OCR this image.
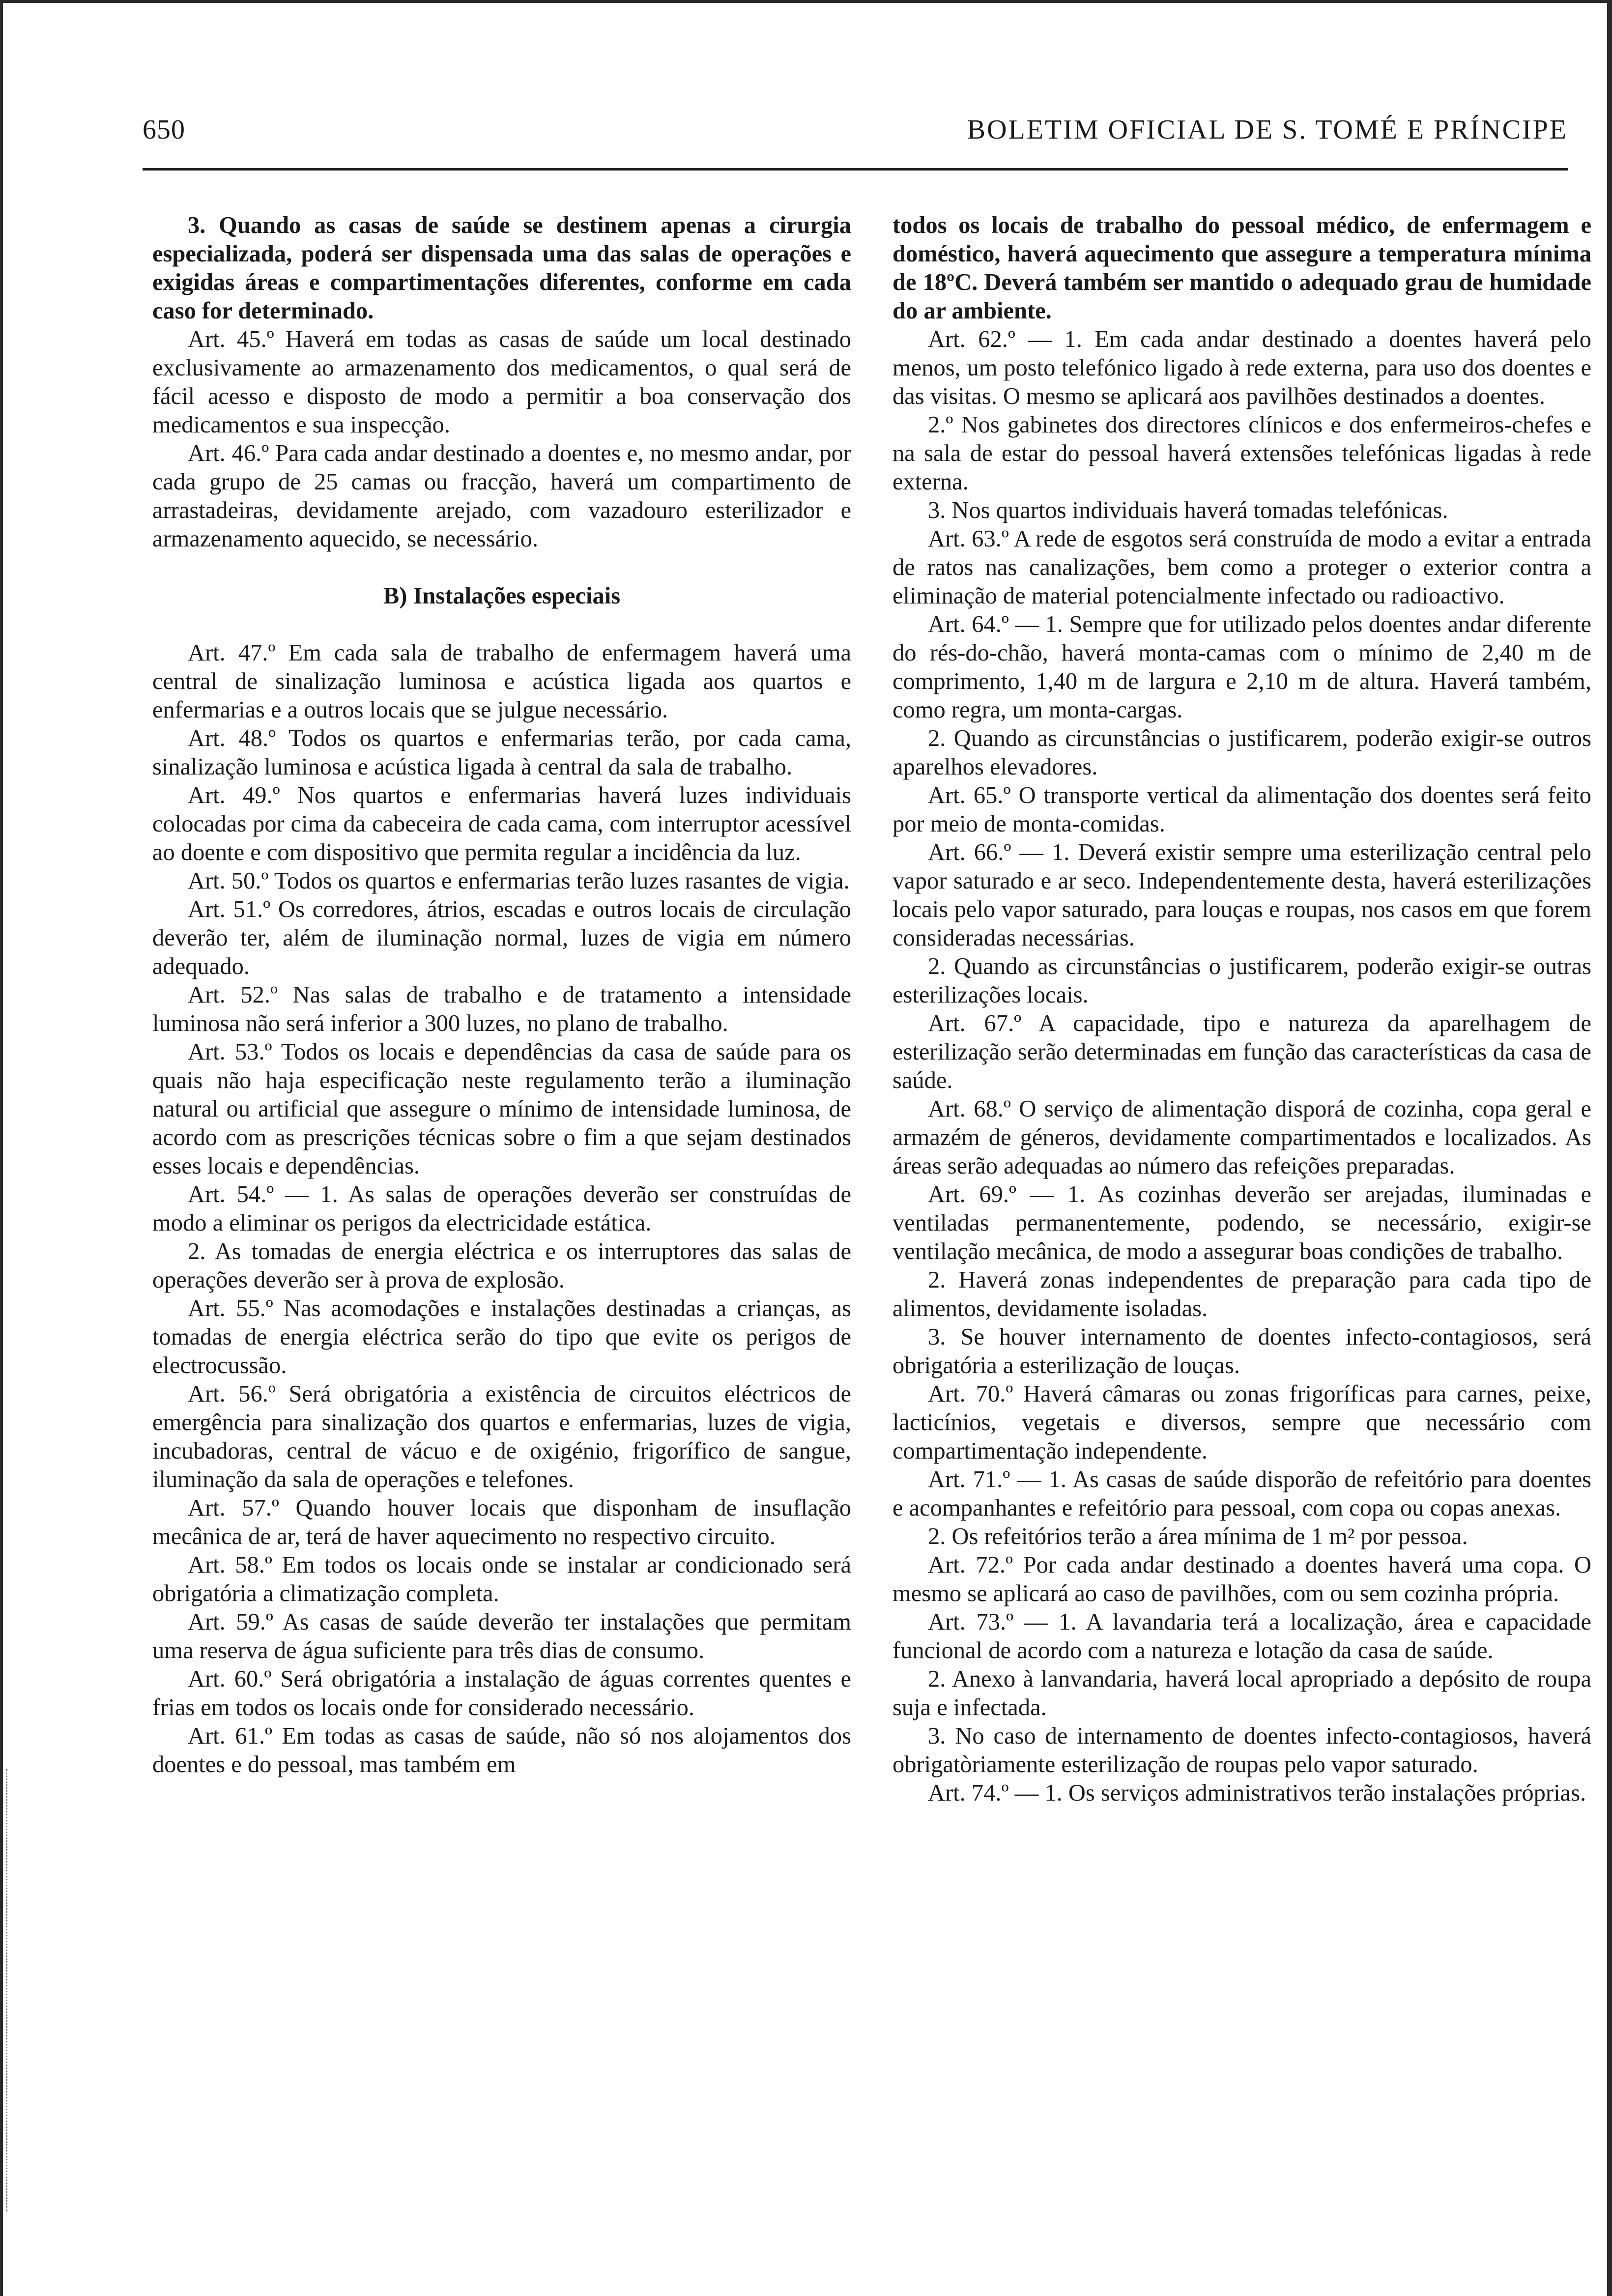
650	BOLETIM OFICIAL DE S. TOMÉ E PRÍNCIPE

3. Quando as casas de saúde se destinem apenas a cirurgia especializada, poderá ser dispensada uma das salas de operações e exigidas áreas e compartimentações diferentes, conforme em cada caso for determinado.

Art. 45.º Haverá em todas as casas de saúde um local destinado exclusivamente ao armazenamento dos medicamentos, o qual será de fácil acesso e disposto de modo a permitir a boa conservação dos medicamentos e sua inspecção.

Art. 46.º Para cada andar destinado a doentes e, no mesmo andar, por cada grupo de 25 camas ou fracção, haverá um compartimento de arrastadeiras, devidamente arejado, com vazadouro esterilizador e armazenamento aquecido, se necessário.

B) Instalações especiais

Art. 47.º Em cada sala de trabalho de enfermagem haverá uma central de sinalização luminosa e acústica ligada aos quartos e enfermarias e a outros locais que se julgue necessário.

Art. 48.º Todos os quartos e enfermarias terão, por cada cama, sinalização luminosa e acústica ligada à central da sala de trabalho.

Art. 49.º Nos quartos e enfermarias haverá luzes individuais colocadas por cima da cabeceira de cada cama, com interruptor acessível ao doente e com dispositivo que permita regular a incidência da luz.

Art. 50.º Todos os quartos e enfermarias terão luzes rasantes de vigia.

Art. 51.º Os corredores, átrios, escadas e outros locais de circulação deverão ter, além de iluminação normal, luzes de vigia em número adequado.

Art. 52.º Nas salas de trabalho e de tratamento a intensidade luminosa não será inferior a 300 luzes, no plano de trabalho.

Art. 53.º Todos os locais e dependências da casa de saúde para os quais não haja especificação neste regulamento terão a iluminação natural ou artificial que assegure o mínimo de intensidade luminosa, de acordo com as prescrições técnicas sobre o fim a que sejam destinados esses locais e dependências.

Art. 54.º — 1. As salas de operações deverão ser construídas de modo a eliminar os perigos da electricidade estática.

2. As tomadas de energia eléctrica e os interruptores das salas de operações deverão ser à prova de explosão.

Art. 55.º Nas acomodações e instalações destinadas a crianças, as tomadas de energia eléctrica serão do tipo que evite os perigos de electrocussão.

Art. 56.º Será obrigatória a existência de circuitos eléctricos de emergência para sinalização dos quartos e enfermarias, luzes de vigia, incubadoras, central de vácuo e de oxigénio, frigorífico de sangue, iluminação da sala de operações e telefones.

Art. 57.º Quando houver locais que disponham de insuflação mecânica de ar, terá de haver aquecimento no respectivo circuito.

Art. 58.º Em todos os locais onde se instalar ar condicionado será obrigatória a climatização completa.

Art. 59.º As casas de saúde deverão ter instalações que permitam uma reserva de água suficiente para três dias de consumo.

Art. 60.º Será obrigatória a instalação de águas correntes quentes e frias em todos os locais onde for considerado necessário.

Art. 61.º Em todas as casas de saúde, não só nos alojamentos dos doentes e do pessoal, mas também em

todos os locais de trabalho do pessoal médico, de enfermagem e doméstico, haverá aquecimento que assegure a temperatura mínima de 18ºC. Deverá também ser mantido o adequado grau de humidade do ar ambiente.

Art. 62.º — 1. Em cada andar destinado a doentes haverá pelo menos, um posto telefónico ligado à rede externa, para uso dos doentes e das visitas. O mesmo se aplicará aos pavilhões destinados a doentes.

2.º Nos gabinetes dos directores clínicos e dos enfermeiros-chefes e na sala de estar do pessoal haverá extensões telefónicas ligadas à rede externa.

3. Nos quartos individuais haverá tomadas telefónicas.

Art. 63.º A rede de esgotos será construída de modo a evitar a entrada de ratos nas canalizações, bem como a proteger o exterior contra a eliminação de material potencialmente infectado ou radioactivo.

Art. 64.º — 1. Sempre que for utilizado pelos doentes andar diferente do rés-do-chão, haverá monta-camas com o mínimo de 2,40 m de comprimento, 1,40 m de largura e 2,10 m de altura. Haverá também, como regra, um monta-cargas.

2. Quando as circunstâncias o justificarem, poderão exigir-se outros aparelhos elevadores.

Art. 65.º O transporte vertical da alimentação dos doentes será feito por meio de monta-comidas.

Art. 66.º — 1. Deverá existir sempre uma esterilização central pelo vapor saturado e ar seco. Independentemente desta, haverá esterilizações locais pelo vapor saturado, para louças e roupas, nos casos em que forem consideradas necessárias.

2. Quando as circunstâncias o justificarem, poderão exigir-se outras esterilizações locais.

Art. 67.º A capacidade, tipo e natureza da aparelhagem de esterilização serão determinadas em função das características da casa de saúde.

Art. 68.º O serviço de alimentação disporá de cozinha, copa geral e armazém de géneros, devidamente compartimentados e localizados. As áreas serão adequadas ao número das refeições preparadas.

Art. 69.º — 1. As cozinhas deverão ser arejadas, iluminadas e ventiladas permanentemente, podendo, se necessário, exigir-se ventilação mecânica, de modo a assegurar boas condições de trabalho.

2. Haverá zonas independentes de preparação para cada tipo de alimentos, devidamente isoladas.

3. Se houver internamento de doentes infecto-contagiosos, será obrigatória a esterilização de louças.

Art. 70.º Haverá câmaras ou zonas frigoríficas para carnes, peixe, lacticínios, vegetais e diversos, sempre que necessário com compartimentação independente.

Art. 71.º — 1. As casas de saúde disporão de refeitório para doentes e acompanhantes e refeitório para pessoal, com copa ou copas anexas.

2. Os refeitórios terão a área mínima de 1 m² por pessoa.

Art. 72.º Por cada andar destinado a doentes haverá uma copa. O mesmo se aplicará ao caso de pavilhões, com ou sem cozinha própria.

Art. 73.º — 1. A lavandaria terá a localização, área e capacidade funcional de acordo com a natureza e lotação da casa de saúde.

2. Anexo à lanvandaria, haverá local apropriado a depósito de roupa suja e infectada.

3. No caso de internamento de doentes infecto-contagiosos, haverá obrigatòriamente esterilização de roupas pelo vapor saturado.

Art. 74.º — 1. Os serviços administrativos terão instalações próprias.
